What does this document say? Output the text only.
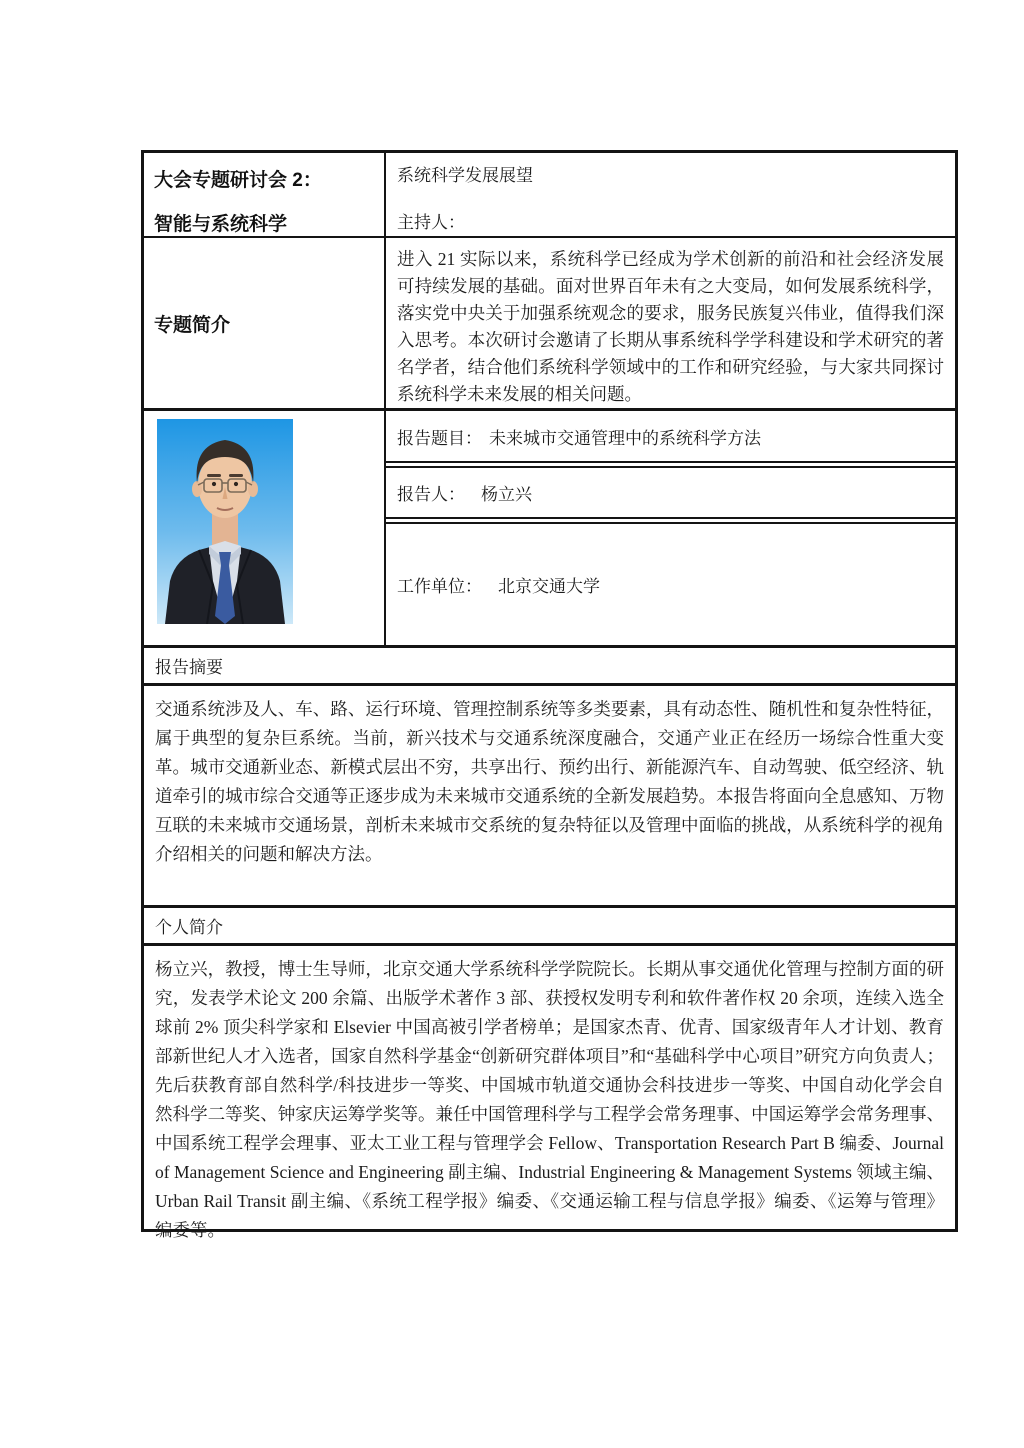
大会专题研讨会 2：
智能与系统科学
系统科学发展展望
主持人：
专题简介
进入 21 实际以来，系统科学已经成为学术创新的前沿和社会经济发展可持续发展的基础。面对世界百年未有之大变局，如何发展系统科学，落实党中央关于加强系统观念的要求，服务民族复兴伟业，值得我们深入思考。本次研讨会邀请了长期从事系统科学学科建设和学术研究的著名学者，结合他们系统科学领域中的工作和研究经验，与大家共同探讨系统科学未来发展的相关问题。
报告题目： 未来城市交通管理中的系统科学方法
报告人： 杨立兴
工作单位： 北京交通大学
报告摘要
交通系统涉及人、车、路、运行环境、管理控制系统等多类要素，具有动态性、随机性和复杂性特征，属于典型的复杂巨系统。当前，新兴技术与交通系统深度融合，交通产业正在经历一场综合性重大变革。城市交通新业态、新模式层出不穷，共享出行、预约出行、新能源汽车、自动驾驶、低空经济、轨道牵引的城市综合交通等正逐步成为未来城市交通系统的全新发展趋势。本报告将面向全息感知、万物互联的未来城市交通场景，剖析未来城市交系统的复杂特征以及管理中面临的挑战，从系统科学的视角介绍相关的问题和解决方法。
个人简介
杨立兴，教授，博士生导师，北京交通大学系统科学学院院长。长期从事交通优化管理与控制方面的研究，发表学术论文 200 余篇、出版学术著作 3 部、获授权发明专利和软件著作权 20 余项，连续入选全球前 2% 顶尖科学家和 Elsevier 中国高被引学者榜单；是国家杰青、优青、国家级青年人才计划、教育部新世纪人才入选者，国家自然科学基金“创新研究群体项目”和“基础科学中心项目”研究方向负责人；先后获教育部自然科学/科技进步一等奖、中国城市轨道交通协会科技进步一等奖、中国自动化学会自然科学二等奖、钟家庆运筹学奖等。兼任中国管理科学与工程学会常务理事、中国运筹学会常务理事、中国系统工程学会理事、亚太工业工程与管理学会 Fellow、Transportation Research Part B 编委、Journal of Management Science and Engineering 副主编、Industrial Engineering & Management Systems 领域主编、Urban Rail Transit 副主编、《系统工程学报》编委、《交通运输工程与信息学报》编委、《运筹与管理》编委等。
